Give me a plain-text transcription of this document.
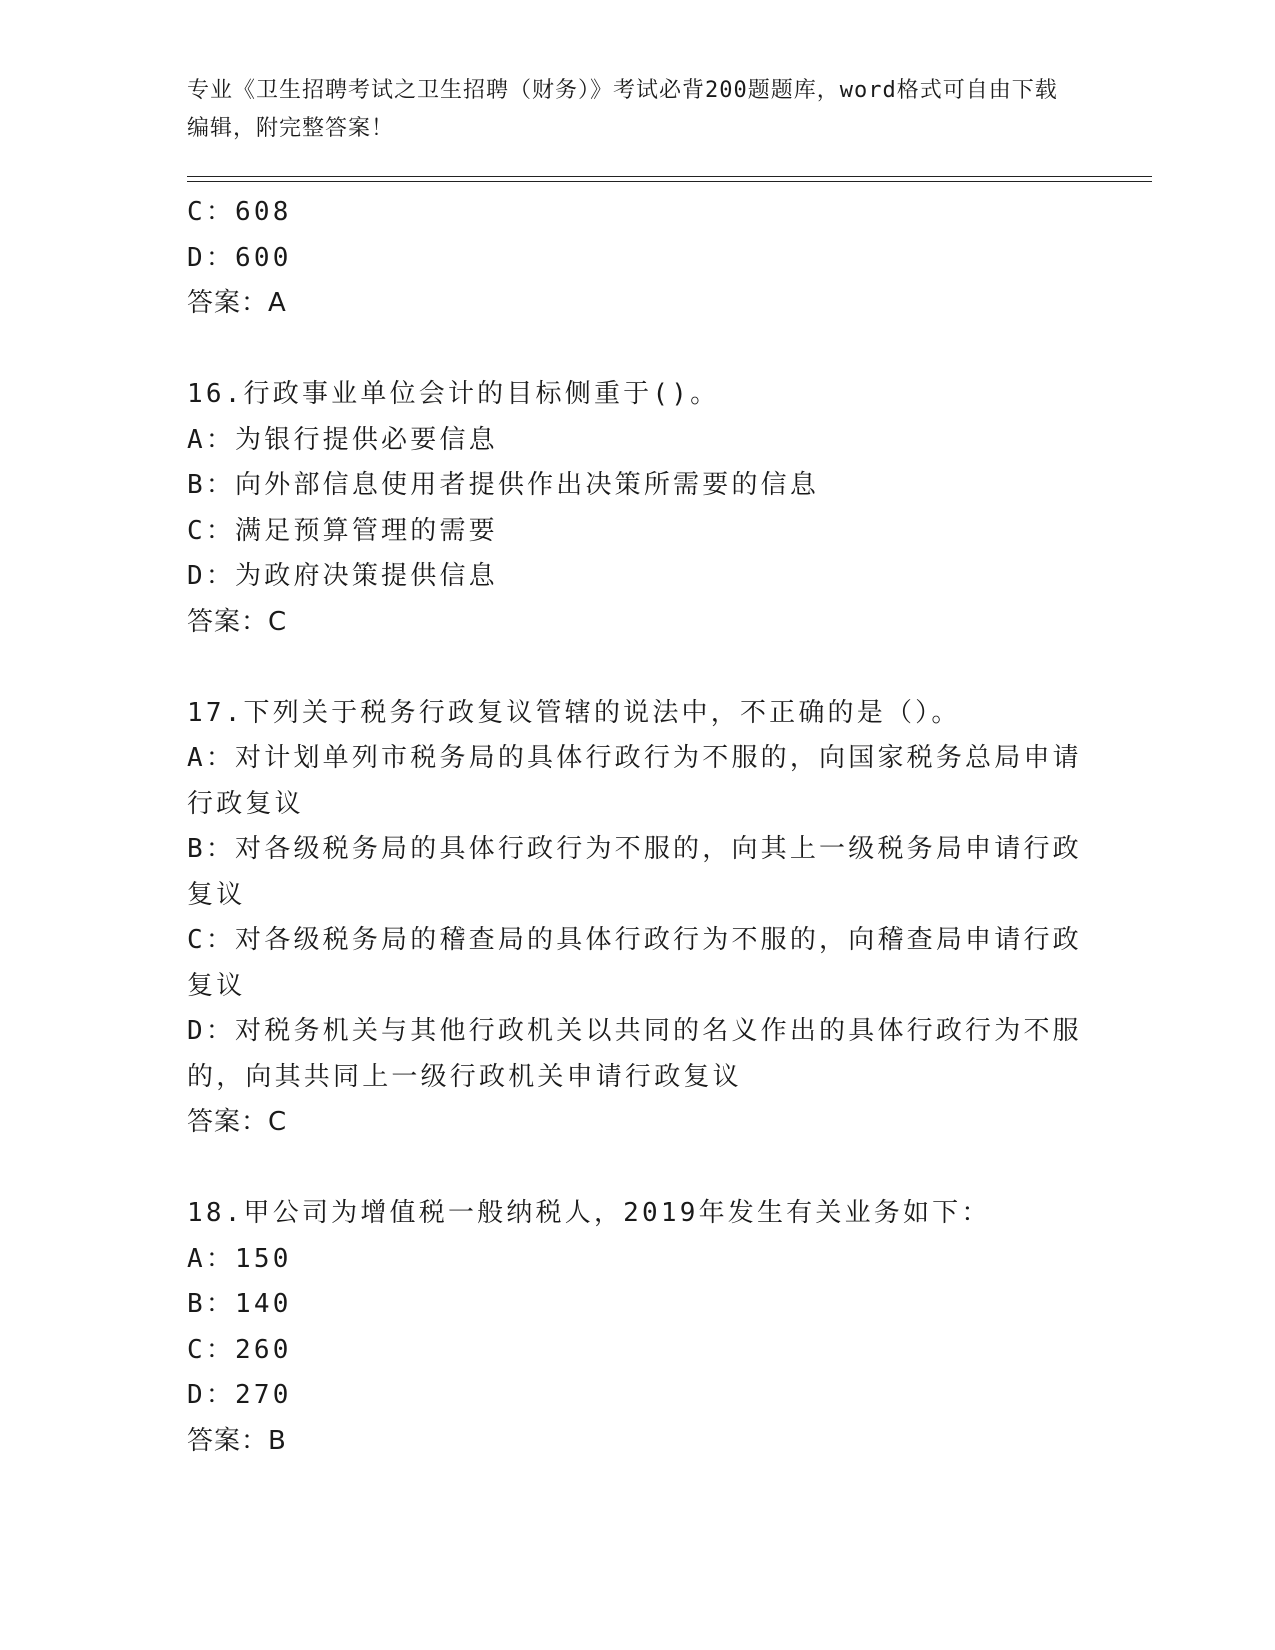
专业《卫生招聘考试之卫生招聘（财务）》考试必背200题题库，word格式可自由下载编辑，附完整答案！
C：608
D：600
答案：A
16.行政事业单位会计的目标侧重于()。
A：为银行提供必要信息
B：向外部信息使用者提供作出决策所需要的信息
C：满足预算管理的需要
D：为政府决策提供信息
答案：C
17.下列关于税务行政复议管辖的说法中，不正确的是（）。
A：对计划单列市税务局的具体行政行为不服的，向国家税务总局申请行政复议
B：对各级税务局的具体行政行为不服的，向其上一级税务局申请行政复议
C：对各级税务局的稽查局的具体行政行为不服的，向稽查局申请行政复议
D：对税务机关与其他行政机关以共同的名义作出的具体行政行为不服的，向其共同上一级行政机关申请行政复议
答案：C
18.甲公司为增值税一般纳税人，2019年发生有关业务如下：
A：150
B：140
C：260
D：270
答案：B
